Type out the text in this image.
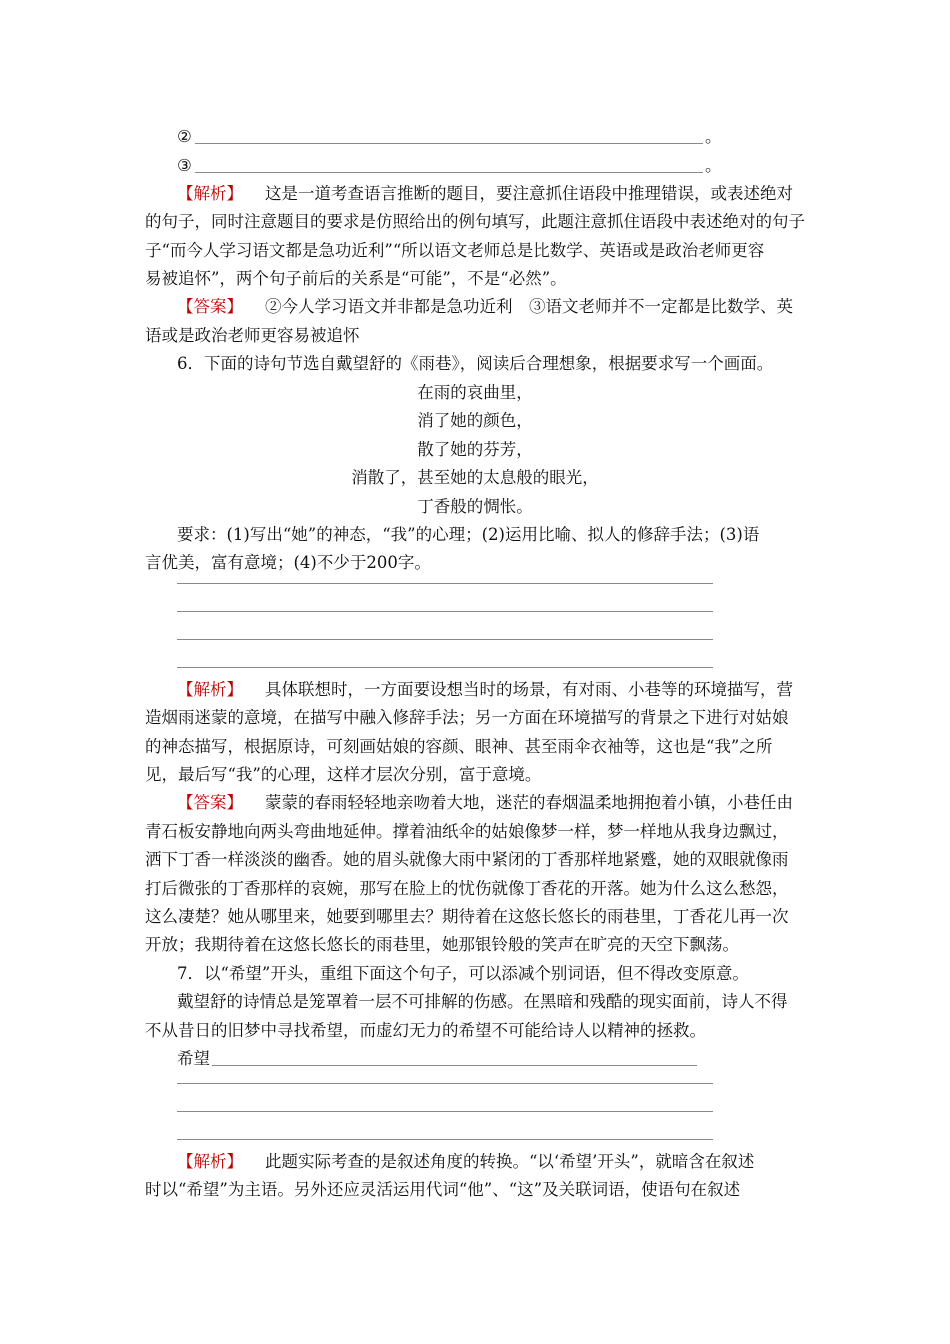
②	。
③	。
【解析】 这是一道考查语言推断的题目，要注意抓住语段中推理错误，或表述绝对
的句子，同时注意题目的要求是仿照给出的例句填写，此题注意抓住语段中表述绝对的句子
子“而今人学习语文都是急功近利”“所以语文老师总是比数学、英语或是政治老师更容
易被追怀”，两个句子前后的关系是“可能”，不是“必然”。
【答案】 ②今人学习语文并非都是急功近利　③语文老师并不一定都是比数学、英
语或是政治老师更容易被追怀
6．下面的诗句节选自戴望舒的《雨巷》，阅读后合理想象，根据要求写一个画面。
在雨的哀曲里，
消了她的颜色，
散了她的芬芳，
消散了，甚至她的太息般的眼光，
丁香般的惆怅。
要求：(1)写出“她”的神态，“我”的心理；(2)运用比喻、拟人的修辞手法；(3)语
言优美，富有意境；(4)不少于200字。
【解析】 具体联想时，一方面要设想当时的场景，有对雨、小巷等的环境描写，营
造烟雨迷蒙的意境，在描写中融入修辞手法；另一方面在环境描写的背景之下进行对姑娘
的神态描写，根据原诗，可刻画姑娘的容颜、眼神、甚至雨伞衣袖等，这也是“我”之所
见，最后写“我”的心理，这样才层次分别，富于意境。
【答案】 蒙蒙的春雨轻轻地亲吻着大地，迷茫的春烟温柔地拥抱着小镇，小巷任由
青石板安静地向两头弯曲地延伸。撑着油纸伞的姑娘像梦一样，梦一样地从我身边飘过，
洒下丁香一样淡淡的幽香。她的眉头就像大雨中紧闭的丁香那样地紧蹙，她的双眼就像雨
打后微张的丁香那样的哀婉，那写在脸上的忧伤就像丁香花的开落。她为什么这么愁怨，
这么凄楚？她从哪里来，她要到哪里去？期待着在这悠长悠长的雨巷里，丁香花儿再一次
开放；我期待着在这悠长悠长的雨巷里，她那银铃般的笑声在旷亮的天空下飘荡。
7．以“希望”开头，重组下面这个句子，可以添减个别词语，但不得改变原意。
戴望舒的诗情总是笼罩着一层不可排解的伤感。在黑暗和残酷的现实面前，诗人不得
不从昔日的旧梦中寻找希望，而虚幻无力的希望不可能给诗人以精神的拯救。
希望
【解析】 此题实际考查的是叙述角度的转换。“以‘希望’开头”，就暗含在叙述
时以“希望”为主语。另外还应灵活运用代词“他”、“这”及关联词语，使语句在叙述
